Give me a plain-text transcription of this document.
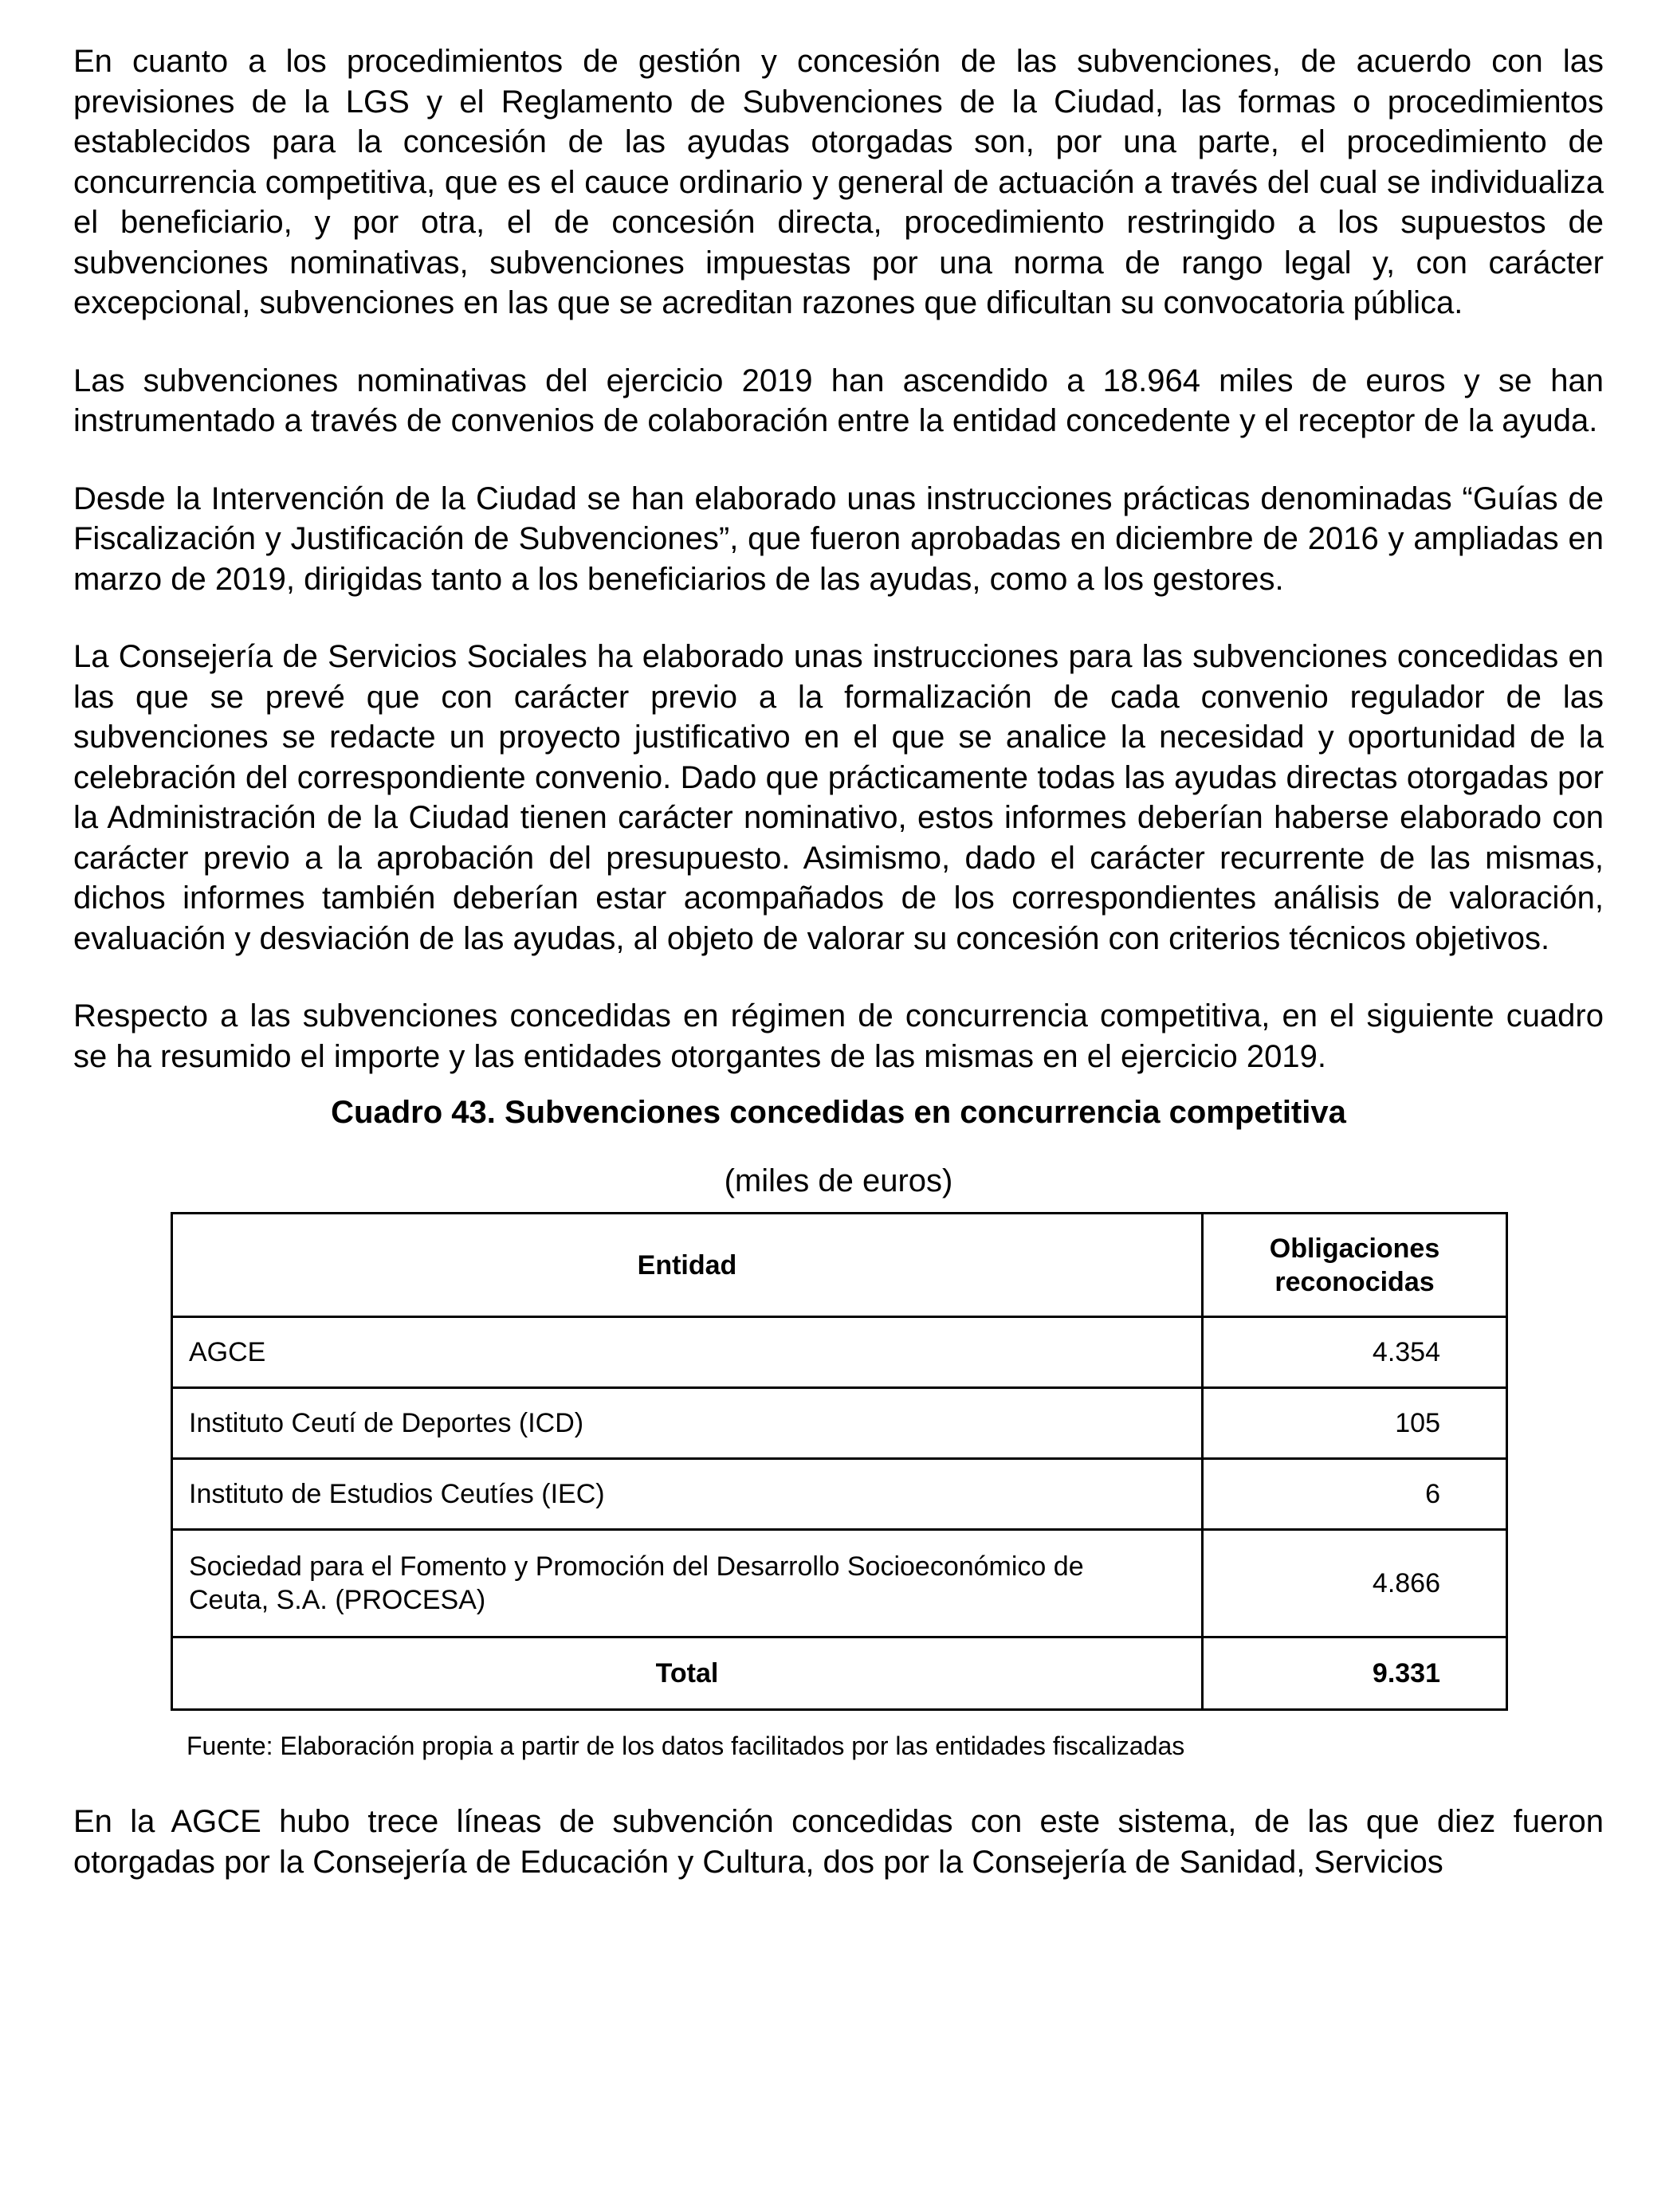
En cuanto a los procedimientos de gestión y concesión de las subvenciones, de acuerdo con las previsiones de la LGS y el Reglamento de Subvenciones de la Ciudad, las formas o procedimientos establecidos para la concesión de las ayudas otorgadas son, por una parte, el procedimiento de concurrencia competitiva, que es el cauce ordinario y general de actuación a través del cual se individualiza el beneficiario, y por otra, el de concesión directa, procedimiento restringido a los supuestos de subvenciones nominativas, subvenciones impuestas por una norma de rango legal y, con carácter excepcional, subvenciones en las que se acreditan razones que dificultan su convocatoria pública.

Las subvenciones nominativas del ejercicio 2019 han ascendido a 18.964 miles de euros y se han instrumentado a través de convenios de colaboración entre la entidad concedente y el receptor de la ayuda.

Desde la Intervención de la Ciudad se han elaborado unas instrucciones prácticas denominadas “Guías de Fiscalización y Justificación de Subvenciones”, que fueron aprobadas en diciembre de 2016 y ampliadas en marzo de 2019, dirigidas tanto a los beneficiarios de las ayudas, como a los gestores.

La Consejería de Servicios Sociales ha elaborado unas instrucciones para las subvenciones concedidas en las que se prevé que con carácter previo a la formalización de cada convenio regulador de las subvenciones se redacte un proyecto justificativo en el que se analice la necesidad y oportunidad de la celebración del correspondiente convenio. Dado que prácticamente todas las ayudas directas otorgadas por la Administración de la Ciudad tienen carácter nominativo, estos informes deberían haberse elaborado con carácter previo a la aprobación del presupuesto. Asimismo, dado el carácter recurrente de las mismas, dichos informes también deberían estar acompañados de los correspondientes análisis de valoración, evaluación y desviación de las ayudas, al objeto de valorar su concesión con criterios técnicos objetivos.

Respecto a las subvenciones concedidas en régimen de concurrencia competitiva, en el siguiente cuadro se ha resumido el importe y las entidades otorgantes de las mismas en el ejercicio 2019.

Cuadro 43. Subvenciones concedidas en concurrencia competitiva
(miles de euros)
Entidad	Obligaciones
reconocidas
AGCE	4.354
Instituto Ceutí de Deportes (ICD)	105
Instituto de Estudios Ceutíes (IEC)	6
Sociedad para el Fomento y Promoción del Desarrollo Socioeconómico de
Ceuta, S.A. (PROCESA)	4.866
Total	9.331
Fuente: Elaboración propia a partir de los datos facilitados por las entidades fiscalizadas

En la AGCE hubo trece líneas de subvención concedidas con este sistema, de las que diez fueron otorgadas por la Consejería de Educación y Cultura, dos por la Consejería de Sanidad, Servicios
